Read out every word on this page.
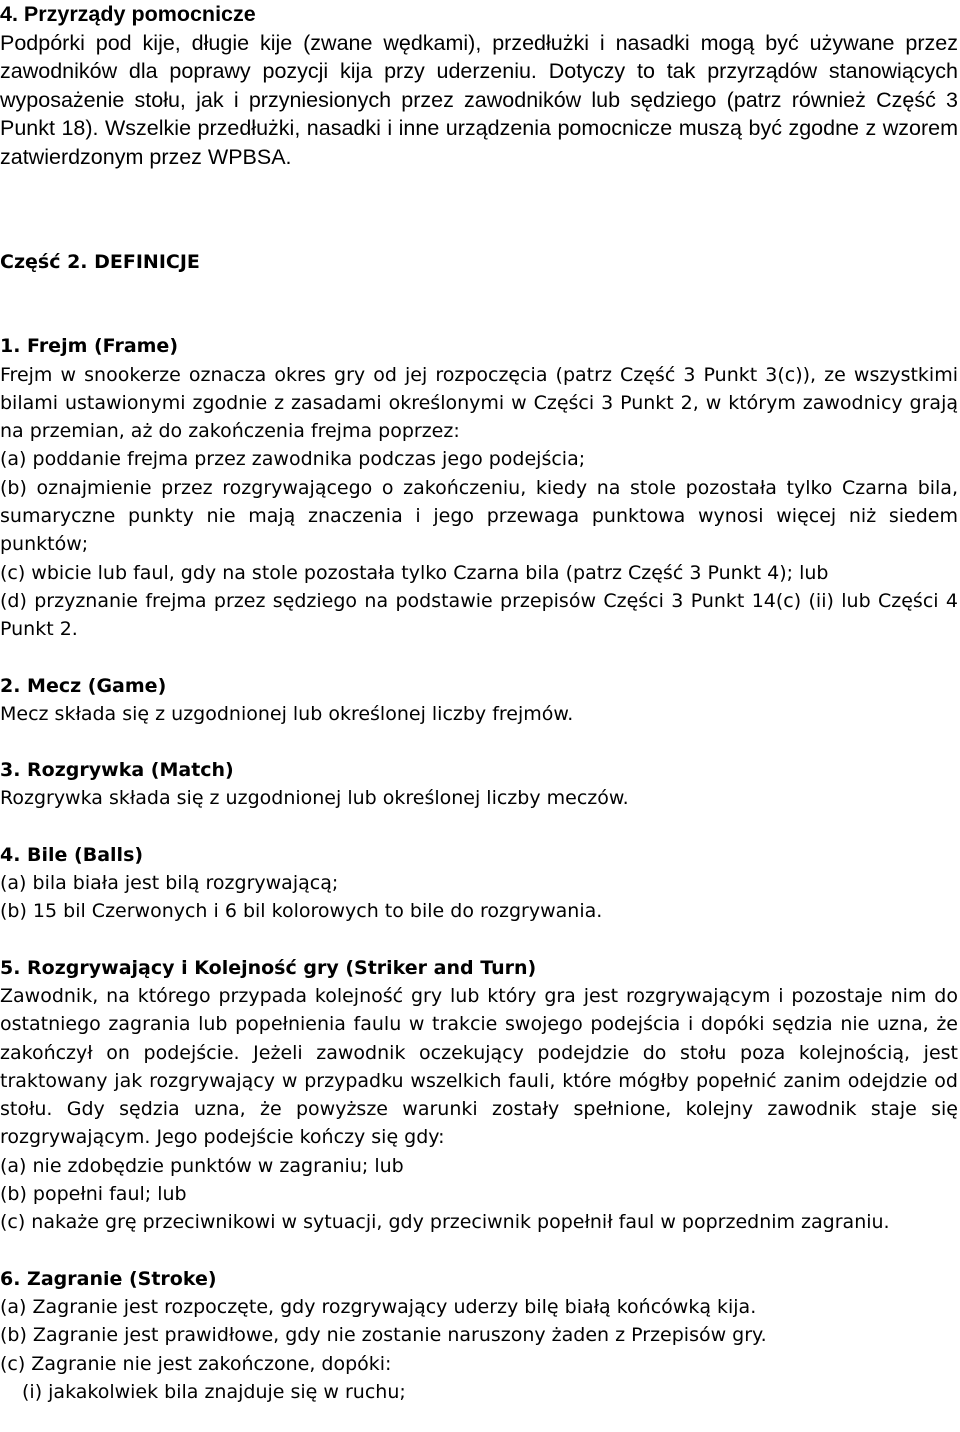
4. Przyrządy pomocnicze

Podpórki pod kije, długie kije (zwane wędkami), przedłużki i nasadki mogą być używane przez zawodników dla poprawy pozycji kija przy uderzeniu. Dotyczy to tak przyrządów stanowiących wyposażenie stołu, jak i przyniesionych przez zawodników lub sędziego (patrz również Część 3 Punkt 18). Wszelkie przedłużki, nasadki i inne urządzenia pomocnicze muszą być zgodne z wzorem zatwierdzonym przez WPBSA.

Część 2. DEFINICJE
1. Frejm (Frame)

Frejm w snookerze oznacza okres gry od jej rozpoczęcia (patrz Część 3 Punkt 3(c)), ze wszystkimi bilami ustawionymi zgodnie z zasadami określonymi w Części 3 Punkt 2, w którym zawodnicy grają na przemian, aż do zakończenia frejma poprzez:

(a) poddanie frejma przez zawodnika podczas jego podejścia;

(b) oznajmienie przez rozgrywającego o zakończeniu, kiedy na stole pozostała tylko Czarna bila, sumaryczne punkty nie mają znaczenia i jego przewaga punktowa wynosi więcej niż siedem punktów;

(c) wbicie lub faul, gdy na stole pozostała tylko Czarna bila (patrz Część 3 Punkt 4); lub

(d) przyznanie frejma przez sędziego na podstawie przepisów Części 3 Punkt 14(c) (ii) lub Części 4 Punkt 2.

2. Mecz (Game)
Mecz składa się z uzgodnionej lub określonej liczby frejmów.
3. Rozgrywka (Match)
Rozgrywka składa się z uzgodnionej lub określonej liczby meczów.
4. Bile (Balls)
(a) bila biała jest bilą rozgrywającą;
(b) 15 bil Czerwonych i 6 bil kolorowych to bile do rozgrywania.
5. Rozgrywający i Kolejność gry (Striker and Turn)

Zawodnik, na którego przypada kolejność gry lub który gra jest rozgrywającym i pozostaje nim do ostatniego zagrania lub popełnienia faulu w trakcie swojego podejścia i dopóki sędzia nie uzna, że zakończył on podejście. Jeżeli zawodnik oczekujący podejdzie do stołu poza kolejnością, jest traktowany jak rozgrywający w przypadku wszelkich fauli, które mógłby popełnić zanim odejdzie od stołu. Gdy sędzia uzna, że powyższe warunki zostały spełnione, kolejny zawodnik staje się rozgrywającym. Jego podejście kończy się gdy:

(a) nie zdobędzie punktów w zagraniu; lub
(b) popełni faul; lub

(c) nakaże grę przeciwnikowi w sytuacji, gdy przeciwnik popełnił faul w poprzednim zagraniu.

6. Zagranie (Stroke)
(a) Zagranie jest rozpoczęte, gdy rozgrywający uderzy bilę białą końcówką kija.
(b) Zagranie jest prawidłowe, gdy nie zostanie naruszony żaden z Przepisów gry.
(c) Zagranie nie jest zakończone, dopóki:
(i) jakakolwiek bila znajduje się w ruchu;
